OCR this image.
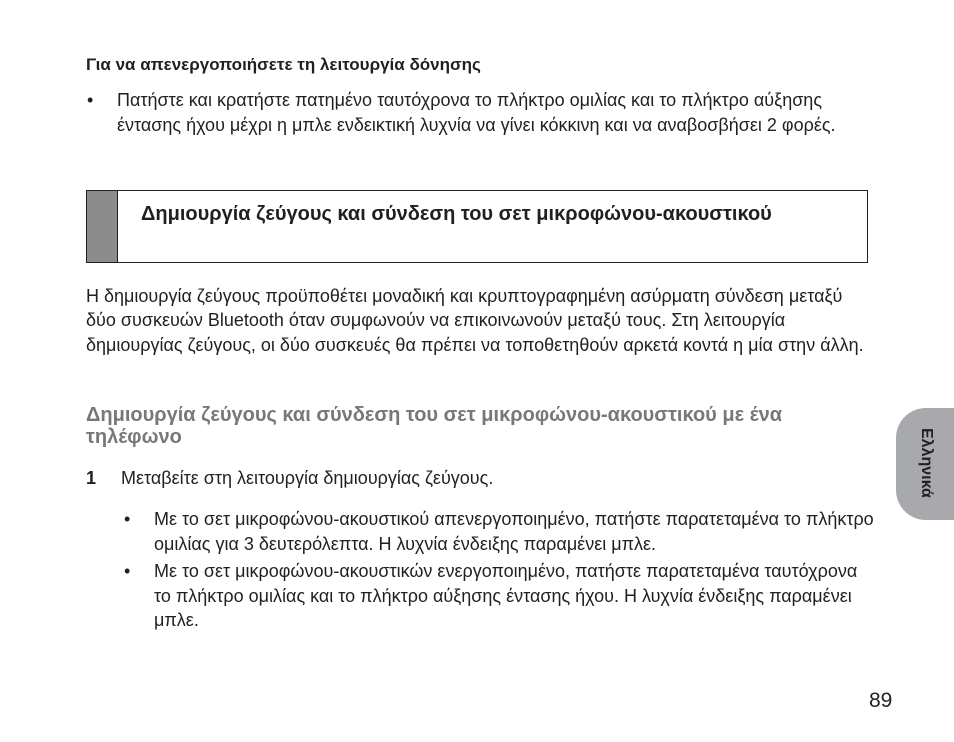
Για να απενεργοποιήσετε τη λειτουργία δόνησης
• Πατήστε και κρατήστε πατημένο ταυτόχρονα το πλήκτρο ομιλίας και το πλήκτρο αύξησης έντασης ήχου μέχρι η μπλε ενδεικτική λυχνία να γίνει κόκκινη και να αναβοσβήσει 2 φορές.
Δημιουργία ζεύγους και σύνδεση του σετ μικροφώνου-ακουστικού

Η δημιουργία ζεύγους προϋποθέτει μοναδική και κρυπτογραφημένη ασύρματη σύνδεση μεταξύ δύο συσκευών Bluetooth όταν συμφωνούν να επικοινωνούν μεταξύ τους. Στη λειτουργία δημιουργίας ζεύγους, οι δύο συσκευές θα πρέπει να τοποθετηθούν αρκετά κοντά η μία στην άλλη.

Δημιουργία ζεύγους και σύνδεση του σετ μικροφώνου-ακουστικού με ένα τηλέφωνο
1 Μεταβείτε στη λειτουργία δημιουργίας ζεύγους.
• Με το σετ μικροφώνου-ακουστικού απενεργοποιημένο, πατήστε παρατεταμένα το πλήκτρο ομιλίας για 3 δευτερόλεπτα. Η λυχνία ένδειξης παραμένει μπλε.
• Με το σετ μικροφώνου-ακουστικών ενεργοποιημένο, πατήστε παρατεταμένα ταυτόχρονα το πλήκτρο ομιλίας και το πλήκτρο αύξησης έντασης ήχου. Η λυχνία ένδειξης παραμένει μπλε.
Ελληνικά
89
